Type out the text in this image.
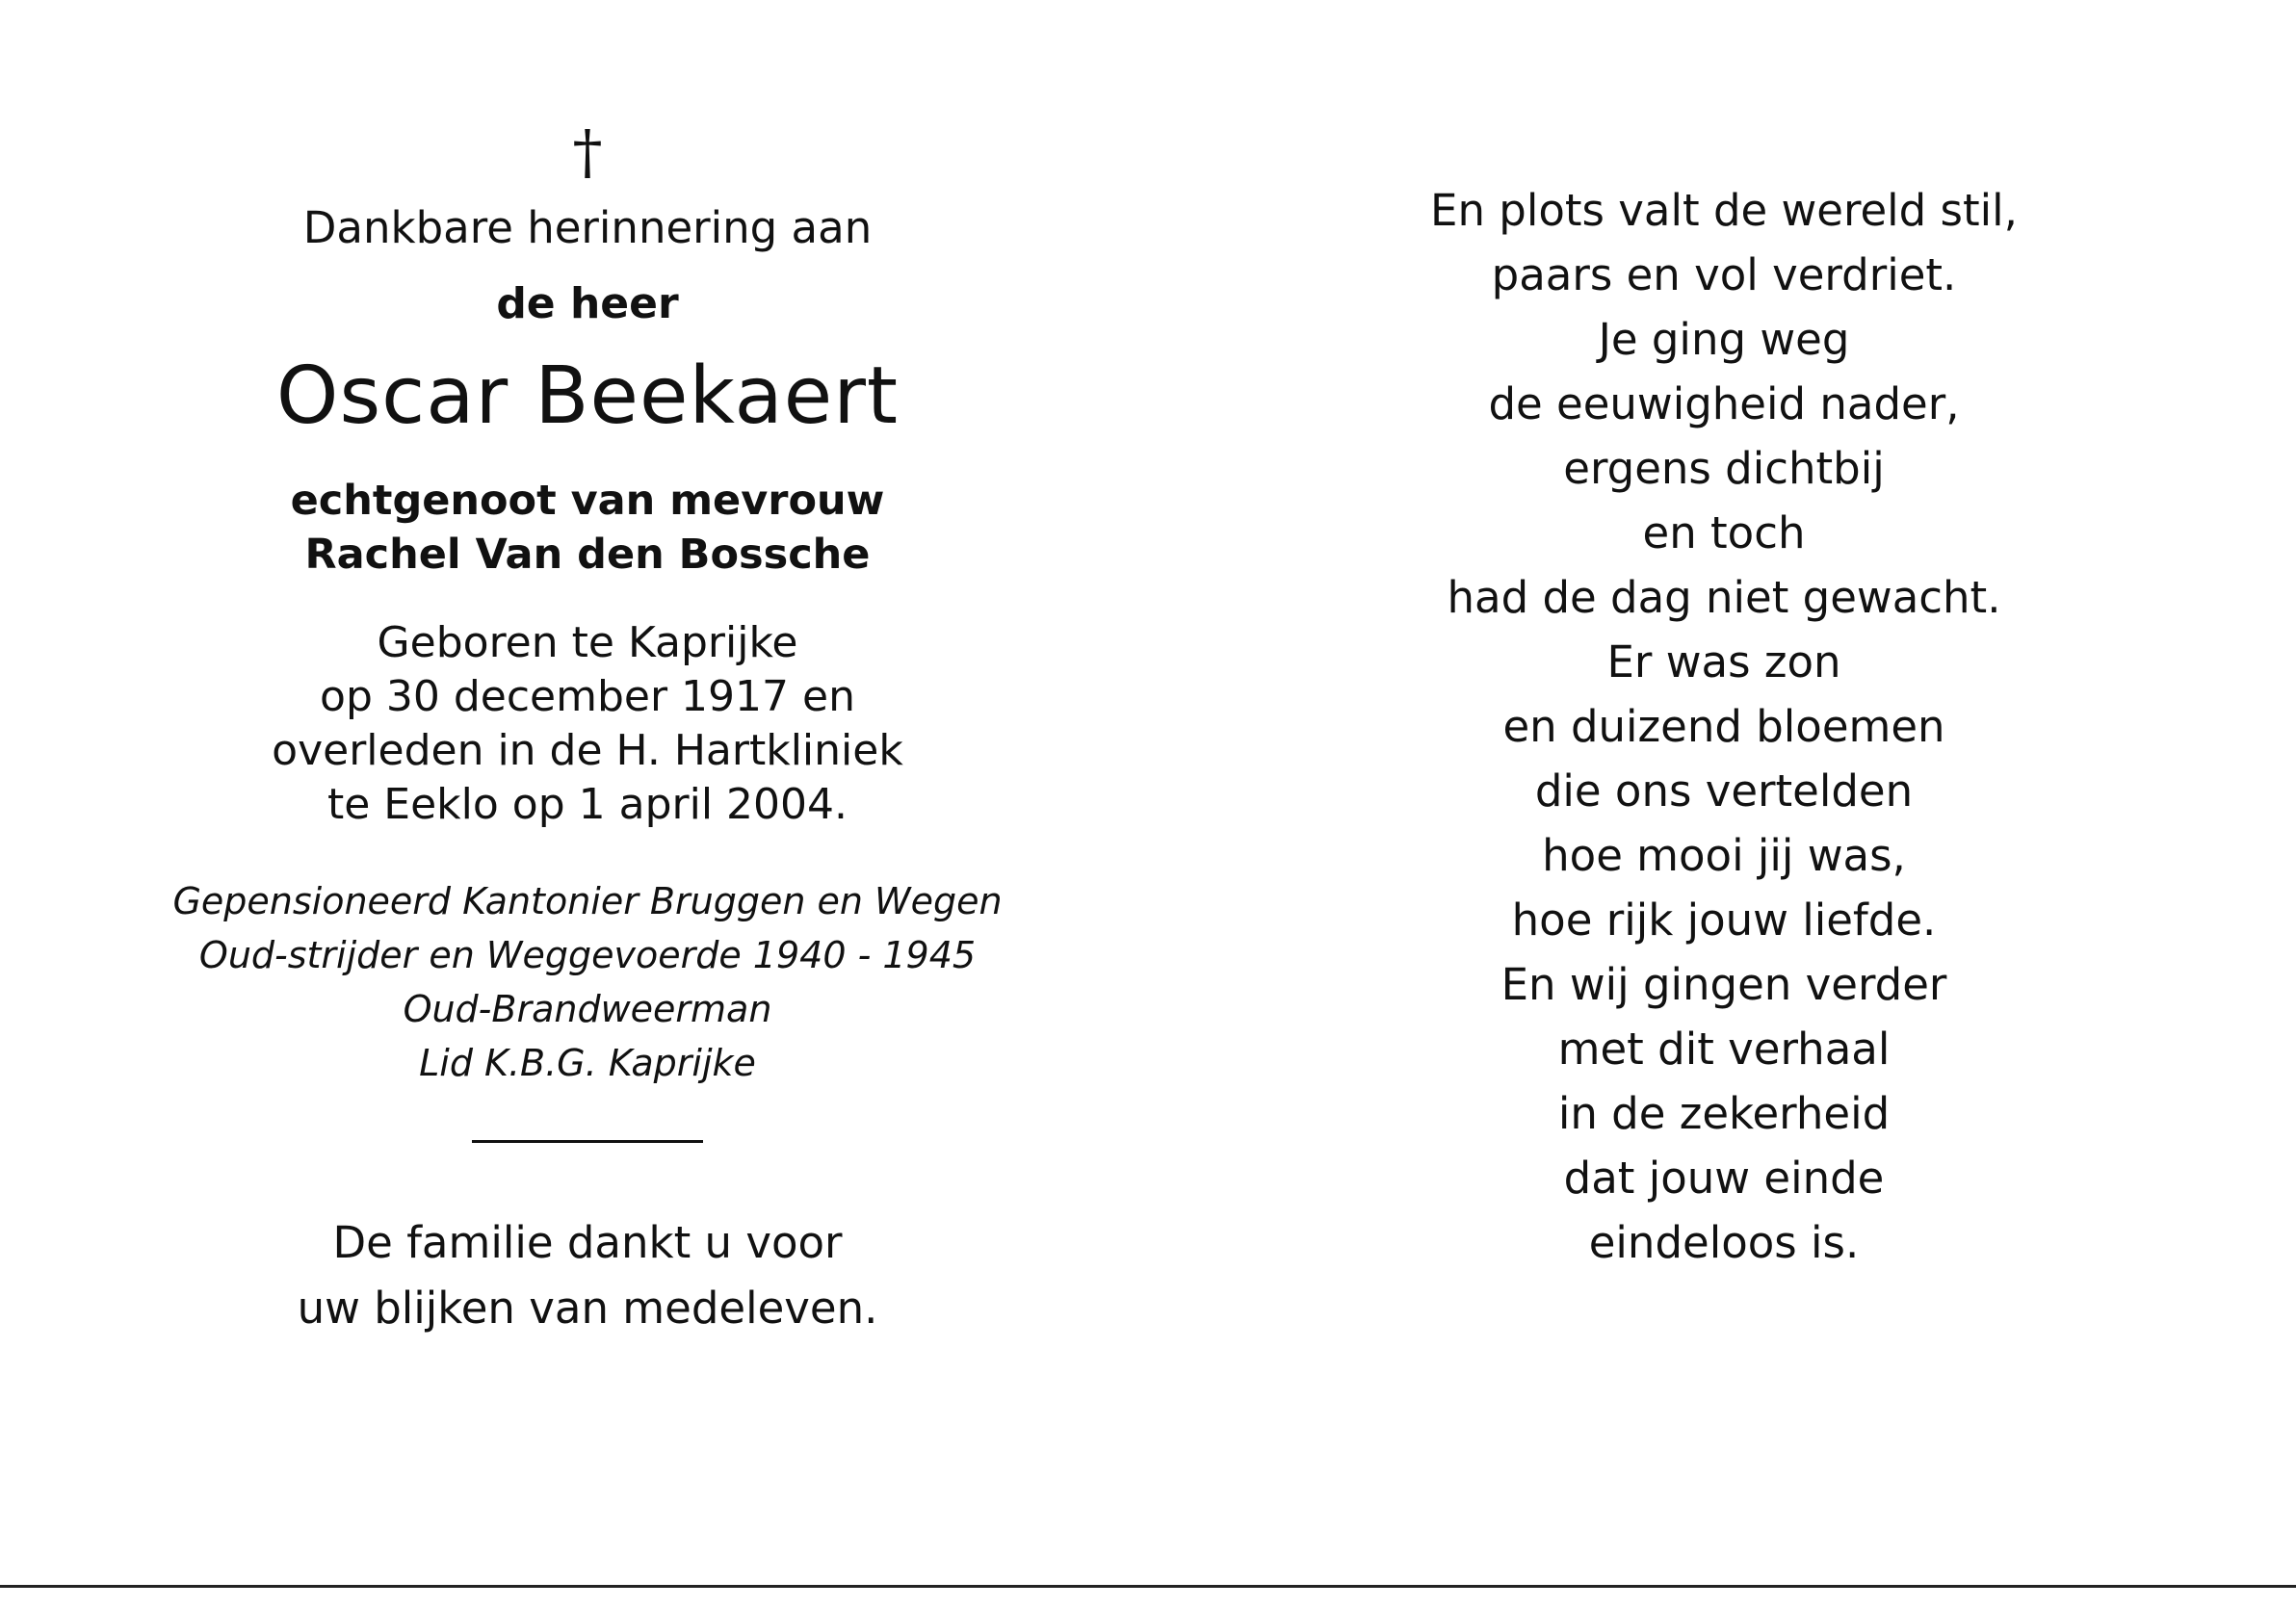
†
Dankbare herinnering aan
de heer
Oscar Beekaert
echtgenoot van mevrouw
Rachel Van den Bossche
Geboren te Kaprijke
op 30 december 1917 en
overleden in de H. Hartkliniek
te Eeklo op 1 april 2004.
Gepensioneerd Kantonier Bruggen en Wegen
Oud-strijder en Weggevoerde 1940 - 1945
Oud-Brandweerman
Lid K.B.G. Kaprijke
De familie dankt u voor
uw blijken van medeleven.
En plots valt de wereld stil,
paars en vol verdriet.
Je ging weg
de eeuwigheid nader,
ergens dichtbij
en toch
had de dag niet gewacht.
Er was zon
en duizend bloemen
die ons vertelden
hoe mooi jij was,
hoe rijk jouw liefde.
En wij gingen verder
met dit verhaal
in de zekerheid
dat jouw einde
eindeloos is.
